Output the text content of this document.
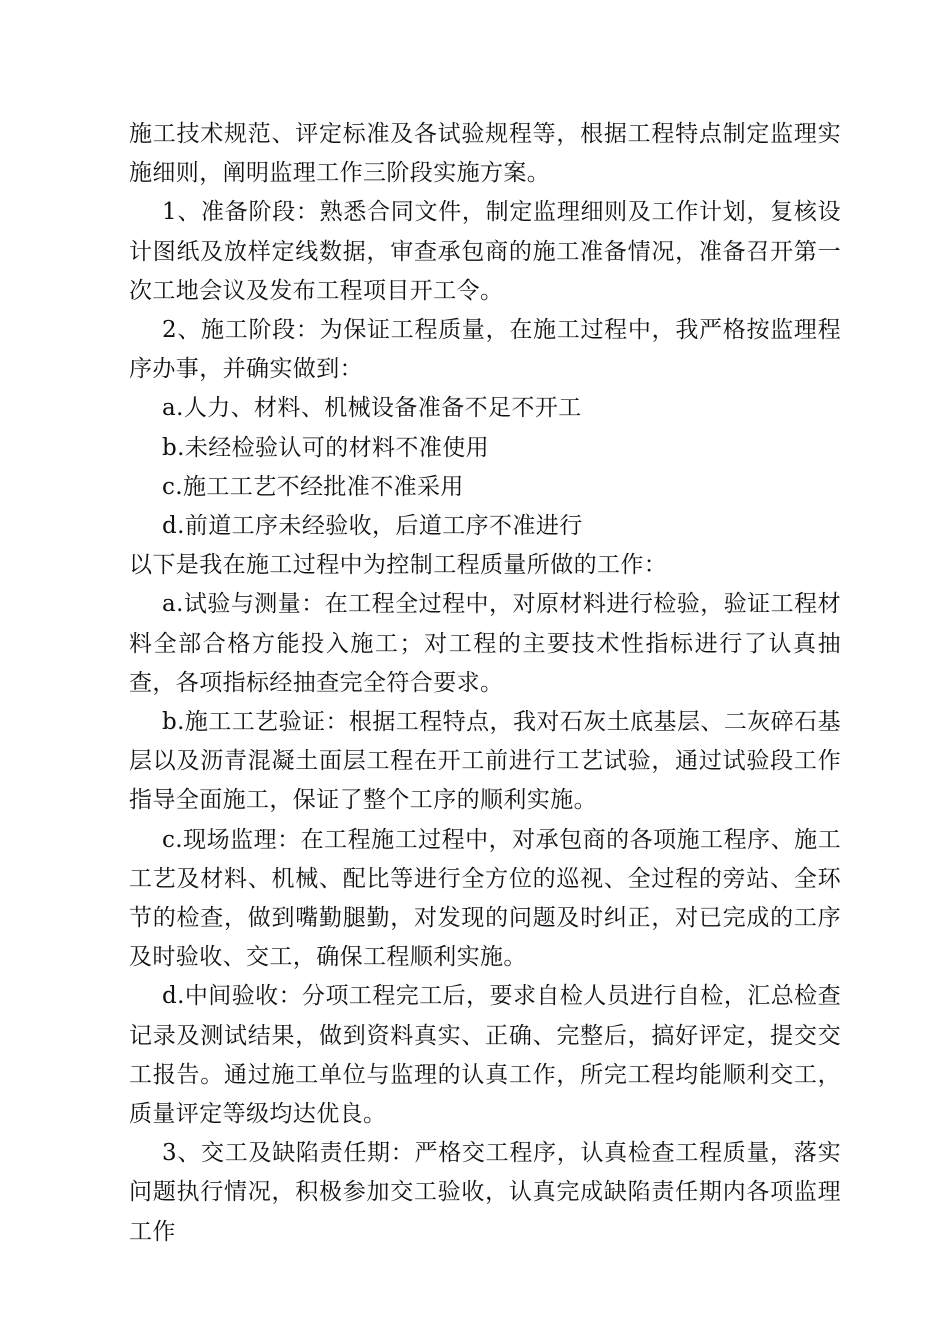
施工技术规范、评定标准及各试验规程等，根据工程特点制定监理实施细则，阐明监理工作三阶段实施方案。

1、准备阶段：熟悉合同文件，制定监理细则及工作计划，复核设计图纸及放样定线数据，审查承包商的施工准备情况，准备召开第一次工地会议及发布工程项目开工令。

2、施工阶段：为保证工程质量，在施工过程中，我严格按监理程序办事，并确实做到：

a.人力、材料、机械设备准备不足不开工

b.未经检验认可的材料不准使用

c.施工工艺不经批准不准采用

d.前道工序未经验收，后道工序不准进行

以下是我在施工过程中为控制工程质量所做的工作：

a.试验与测量：在工程全过程中，对原材料进行检验，验证工程材料全部合格方能投入施工；对工程的主要技术性指标进行了认真抽查，各项指标经抽查完全符合要求。

b.施工工艺验证：根据工程特点，我对石灰土底基层、二灰碎石基层以及沥青混凝土面层工程在开工前进行工艺试验，通过试验段工作指导全面施工，保证了整个工序的顺利实施。

c.现场监理：在工程施工过程中，对承包商的各项施工程序、施工工艺及材料、机械、配比等进行全方位的巡视、全过程的旁站、全环节的检查，做到嘴勤腿勤，对发现的问题及时纠正，对已完成的工序及时验收、交工，确保工程顺利实施。

d.中间验收：分项工程完工后，要求自检人员进行自检，汇总检查记录及测试结果，做到资料真实、正确、完整后，搞好评定，提交交工报告。通过施工单位与监理的认真工作，所完工程均能顺利交工，质量评定等级均达优良。

3、交工及缺陷责任期：严格交工程序，认真检查工程质量，落实问题执行情况，积极参加交工验收，认真完成缺陷责任期内各项监理工作
